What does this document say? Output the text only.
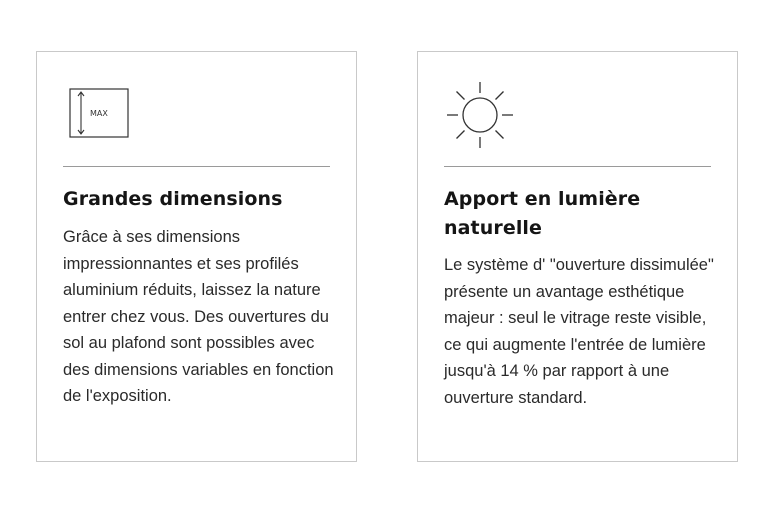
MAX
Grandes dimensions

Grâce à ses dimensions impressionnantes et ses profilés aluminium réduits, laissez la nature entrer chez vous. Des ouvertures du sol au plafond sont possibles avec des dimensions variables en fonction de l'exposition.

Apport en lumière naturelle

Le système d' "ouverture dissimulée" présente un avantage esthétique majeur : seul le vitrage reste visible, ce qui augmente l'entrée de lumière jusqu'à 14 % par rapport à une ouverture standard.
